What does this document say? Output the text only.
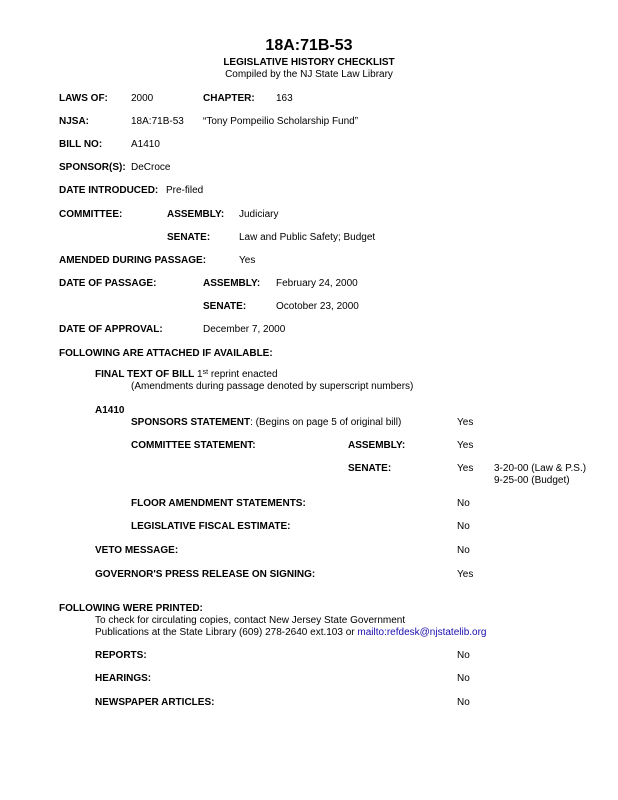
18A:71B-53
LEGISLATIVE HISTORY CHECKLIST
Compiled by the NJ State Law Library
LAWS OF: 2000	CHAPTER: 163
NJSA:	18A:71B-53 “Tony Pompeilio Scholarship Fund”
BILL NO:	A1410
SPONSOR(S): DeCroce
DATE INTRODUCED: Pre-filed
COMMITTEE:	ASSEMBLY: Judiciary
SENATE:	Law and Public Safety; Budget
AMENDED DURING PASSAGE:	Yes
DATE OF PASSAGE:	ASSEMBLY: February 24, 2000
SENATE:	Ocotober 23, 2000
DATE OF APPROVAL:	December 7, 2000
FOLLOWING ARE ATTACHED IF AVAILABLE:
FINAL TEXT OF BILL 1st reprint enacted
(Amendments during passage denoted by superscript numbers)
A1410
SPONSORS STATEMENT: (Begins on page 5 of original bill)	Yes
COMMITTEE STATEMENT:	ASSEMBLY:	Yes
SENATE:	Yes 3-20-00 (Law & P.S.)
9-25-00 (Budget)
FLOOR AMENDMENT STATEMENTS:	No
LEGISLATIVE FISCAL ESTIMATE:	No
VETO MESSAGE:	No
GOVERNOR'S PRESS RELEASE ON SIGNING:	Yes
FOLLOWING WERE PRINTED:
To check for circulating copies, contact New Jersey State Government
Publications at the State Library (609) 278-2640 ext.103 or mailto:refdesk@njstatelib.org
REPORTS:	No
HEARINGS:	No
NEWSPAPER ARTICLES:	No
